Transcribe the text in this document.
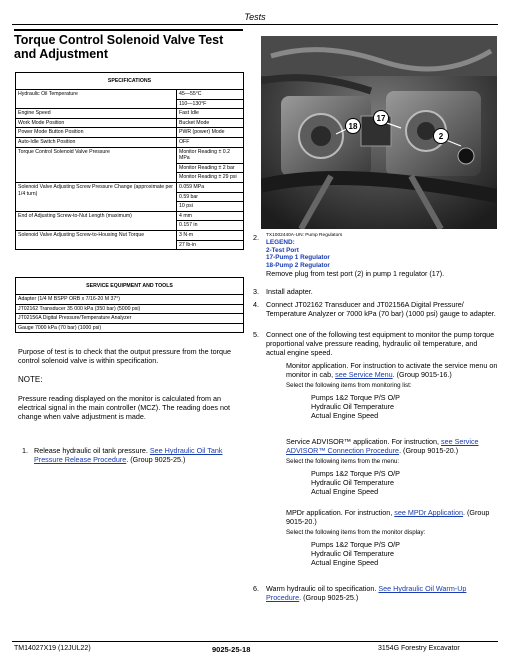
Tests
Torque Control Solenoid Valve Test and Adjustment
SPECIFICATIONS	
Hydraulic Oil Temperature	45—55°C
110—130°F

Engine Speed	Fast Idle
Work Mode Position	Bucket Mode
Power Mode Button Position	PWR (power) Mode
Auto-Idle Switch Position	OFF
Torque Control Solenoid Valve Pressure	Monitor Reading ± 0.2 MPa
Monitor Reading ± 2 bar
Monitor Reading ± 29 psi

Solenoid Valve Adjusting Screw Pressure Change (approximate per 1/4 turn)	0.059 MPa
0.59 bar
10 psi

End of Adjusting Screw-to-Nut Length (maximum)	4 mm
0.157 in

Solenoid Valve Adjusting Screw-to-Housing Nut Torque	3 N·m
27 lb-in
SERVICE EQUIPMENT AND TOOLS
Adapter (1/4 M BSPP ORB x 7/16-20 M 37°)
JT02162 Transducer 35 000 kPa (350 bar) (5000 psi)
JT02156A Digital Pressure/Temperature Analyzer
Gauge 7000 kPa (70 bar) (1000 psi)
Purpose of test is to check that the output pressure from the torque control solenoid valve is within specification.
NOTE:
Pressure reading displayed on the monitor is calculated from an electrical signal in the main controller (MCZ). The reading does not change when valve adjustment is made.
1. Release hydraulic oil tank pressure. See Hydraulic Oil Tank Pressure Release Procedure. (Group 9025-25.)
18
17
2
2. TX1002440A-UN: Pump Regulators
LEGEND:
2-Test Port
17-Pump 1 Regulator
18-Pump 2 Regulator
Remove plug from test port (2) in pump 1 regulator (17).
3. Install adapter.
4. Connect JT02162 Transducer and JT02156A Digital Pressure/ Temperature Analyzer or 7000 kPa (70 bar) (1000 psi) gauge to adapter.
5. Connect one of the following test equipment to monitor the pump torque proportional valve pressure reading, hydraulic oil temperature, and actual engine speed.
Monitor application. For instruction to activate the service menu on monitor in cab, see Service Menu. (Group 9015-16.)
Select the following items from monitoring list:
Pumps 1&2 Torque P/S O/P
Hydraulic Oil Temperature
Actual Engine Speed
Service ADVISOR™ application. For instruction, see Service ADVISOR™ Connection Procedure. (Group 9015-20.)
Select the following items from the menu:
Pumps 1&2 Torque P/S O/P
Hydraulic Oil Temperature
Actual Engine Speed
MPDr application. For instruction, see MPDr Application. (Group 9015-20.)
Select the following items from the monitor display:
Pumps 1&2 Torque P/S O/P
Hydraulic Oil Temperature
Actual Engine Speed
6. Warm hydraulic oil to specification. See Hydraulic Oil Warm-Up Procedure. (Group 9025-25.)
TM14027X19 (12JUL22)	9025-25-18	3154G Forestry Excavator
